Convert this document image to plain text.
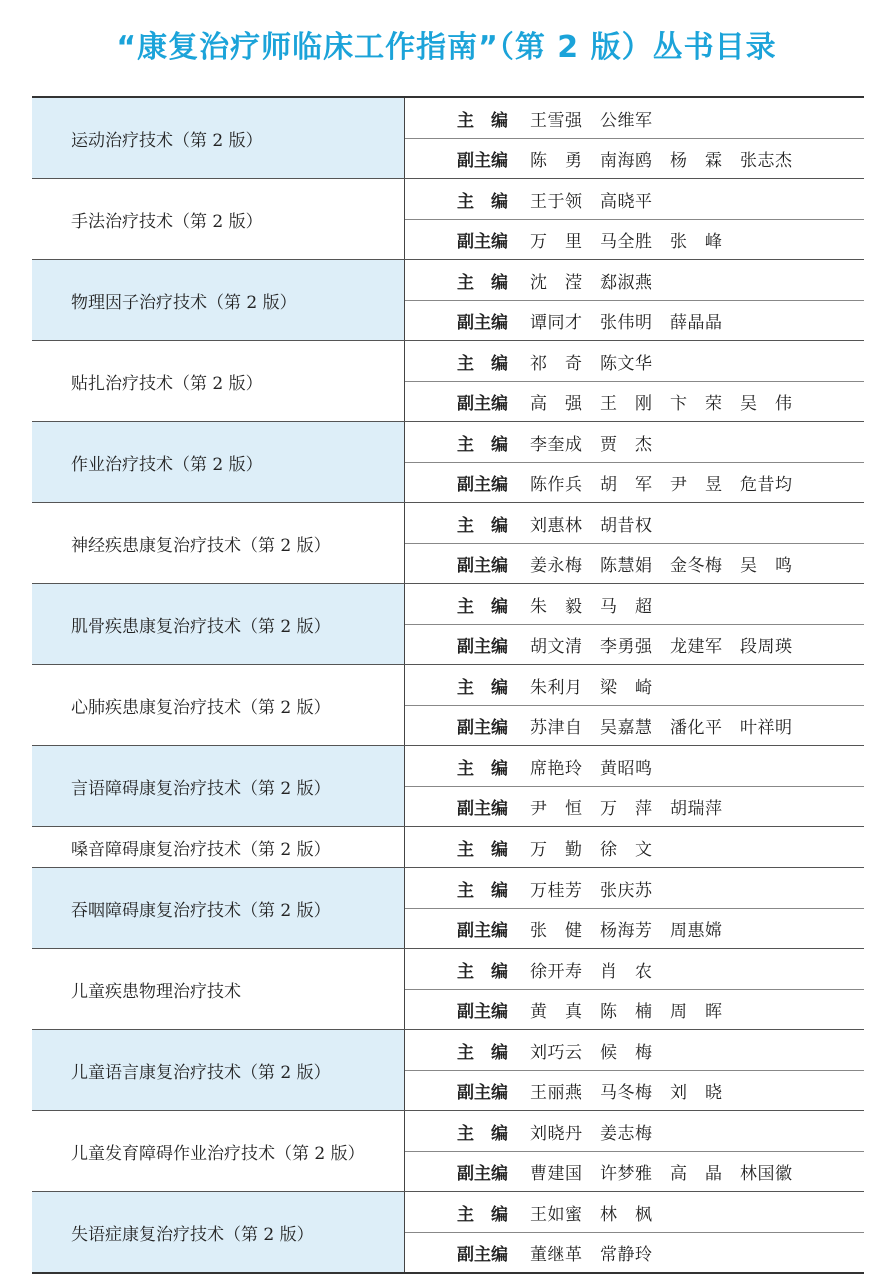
“康复治疗师临床工作指南”（第 2 版）丛书目录
运动治疗技术（第 2 版）
主　编	王雪强　公维军
副主编	陈　勇　南海鸥　杨　霖　张志杰
手法治疗技术（第 2 版）
主　编	王于领　高晓平
副主编	万　里　马全胜　张　峰
物理因子治疗技术（第 2 版）
主　编	沈　滢　郄淑燕
副主编	谭同才　张伟明　薛晶晶
贴扎治疗技术（第 2 版）
主　编	祁　奇　陈文华
副主编	高　强　王　刚　卞　荣　吴　伟
作业治疗技术（第 2 版）
主　编	李奎成　贾　杰
副主编	陈作兵　胡　军　尹　昱　危昔均
神经疾患康复治疗技术（第 2 版）
主　编	刘惠林　胡昔权
副主编	姜永梅　陈慧娟　金冬梅　吴　鸣
肌骨疾患康复治疗技术（第 2 版）
主　编	朱　毅　马　超
副主编	胡文清　李勇强　龙建军　段周瑛
心肺疾患康复治疗技术（第 2 版）
主　编	朱利月　梁　崎
副主编	苏津自　吴嘉慧　潘化平　叶祥明
言语障碍康复治疗技术（第 2 版）
主　编	席艳玲　黄昭鸣
副主编	尹　恒　万　萍　胡瑞萍
嗓音障碍康复治疗技术（第 2 版）	主　编	万　勤　徐　文
吞咽障碍康复治疗技术（第 2 版）
主　编	万桂芳　张庆苏
副主编	张　健　杨海芳　周惠嫦
儿童疾患物理治疗技术
主　编	徐开寿　肖　农
副主编	黄　真　陈　楠　周　晖
儿童语言康复治疗技术（第 2 版）
主　编	刘巧云　候　梅
副主编	王丽燕　马冬梅　刘　晓
儿童发育障碍作业治疗技术（第 2 版）
主　编	刘晓丹　姜志梅
副主编	曹建国　许梦雅　高　晶　林国徽
失语症康复治疗技术（第 2 版）
主　编	王如蜜　林　枫
副主编	董继革　常静玲
